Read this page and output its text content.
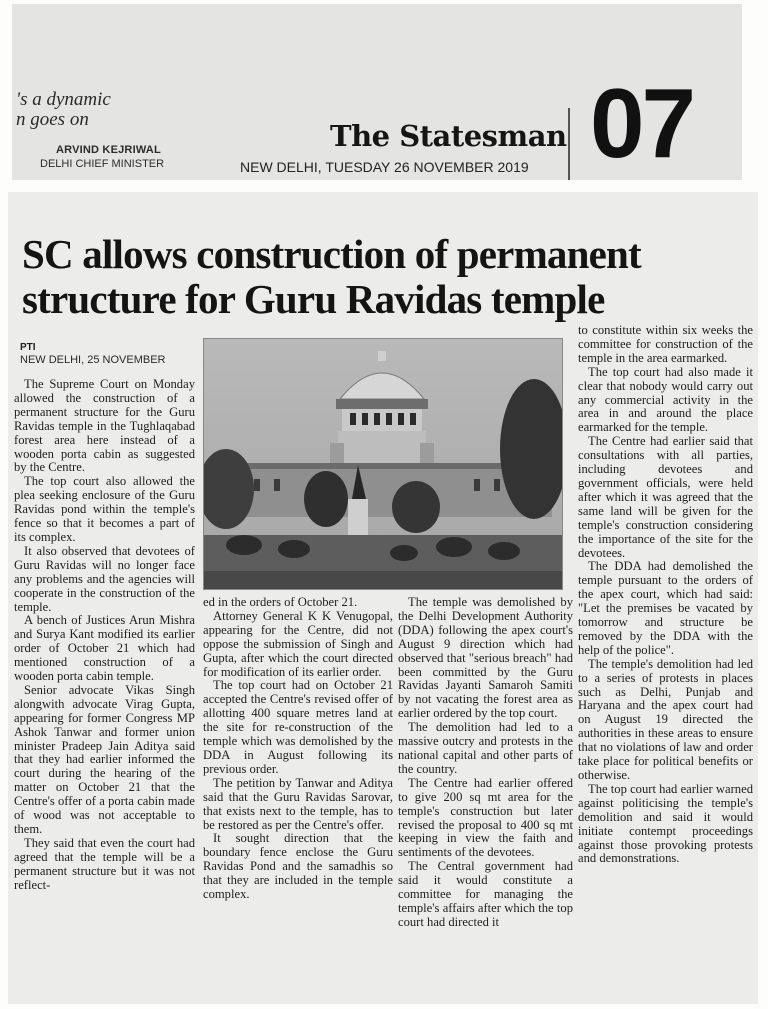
's a dynamic
n goes on
ARVIND KEJRIWAL
DELHI CHIEF MINISTER
The Statesman
NEW DELHI, TUESDAY 26 NOVEMBER 2019 07
SC allows construction of permanent
structure for Guru Ravidas temple
PTI
NEW DELHI, 25 NOVEMBER

The Supreme Court on Monday allowed the construction of a permanent structure for the Guru Ravidas temple in the Tughlaqabad forest area here instead of a wooden porta cabin as suggested by the Centre.

The top court also allowed the plea seeking enclosure of the Guru Ravidas pond within the temple's fence so that it becomes a part of its complex.

It also observed that devotees of Guru Ravidas will no longer face any problems and the agencies will cooperate in the construction of the temple.

A bench of Justices Arun Mishra and Surya Kant modified its earlier order of October 21 which had mentioned construction of a wooden porta cabin temple.

Senior advocate Vikas Singh alongwith advocate Virag Gupta, appearing for former Congress MP Ashok Tanwar and former union minister Pradeep Jain Aditya said that they had earlier informed the court during the hearing of the matter on October 21 that the Centre's offer of a porta cabin made of wood was not acceptable to them.

They said that even the court had agreed that the temple will be a permanent structure but it was not reflect-

ed in the orders of October 21.

Attorney General K K Venugopal, appearing for the Centre, did not oppose the submission of Singh and Gupta, after which the court directed for modification of its earlier order.

The top court had on October 21 accepted the Centre's revised offer of allotting 400 square metres land at the site for re-construction of the temple which was demolished by the DDA in August following its previous order.

The petition by Tanwar and Aditya said that the Guru Ravidas Sarovar, that exists next to the temple, has to be restored as per the Centre's offer.

It sought direction that the boundary fence enclose the Guru Ravidas Pond and the samadhis so that they are included in the temple complex.

The temple was demolished by the Delhi Development Authority (DDA) following the apex court's August 9 direction which had observed that "serious breach" had been committed by the Guru Ravidas Jayanti Samaroh Samiti by not vacating the forest area as earlier ordered by the top court.

The demolition had led to a massive outcry and protests in the national capital and other parts of the country.

The Centre had earlier offered to give 200 sq mt area for the temple's construction but later revised the proposal to 400 sq mt keeping in view the faith and sentiments of the devotees.

The Central government had said it would constitute a committee for managing the temple's affairs after which the top court had directed it

to constitute within six weeks the committee for construction of the temple in the area earmarked.

The top court had also made it clear that nobody would carry out any commercial activity in the area in and around the place earmarked for the temple.

The Centre had earlier said that consultations with all parties, including devotees and government officials, were held after which it was agreed that the same land will be given for the temple's construction considering the importance of the site for the devotees.

The DDA had demolished the temple pursuant to the orders of the apex court, which had said: "Let the premises be vacated by tomorrow and structure be removed by the DDA with the help of the police".

The temple's demolition had led to a series of protests in places such as Delhi, Punjab and Haryana and the apex court had on August 19 directed the authorities in these areas to ensure that no violations of law and order take place for political benefits or otherwise.

The top court had earlier warned against politicising the temple's demolition and said it would initiate contempt proceedings against those provoking protests and demonstrations.
